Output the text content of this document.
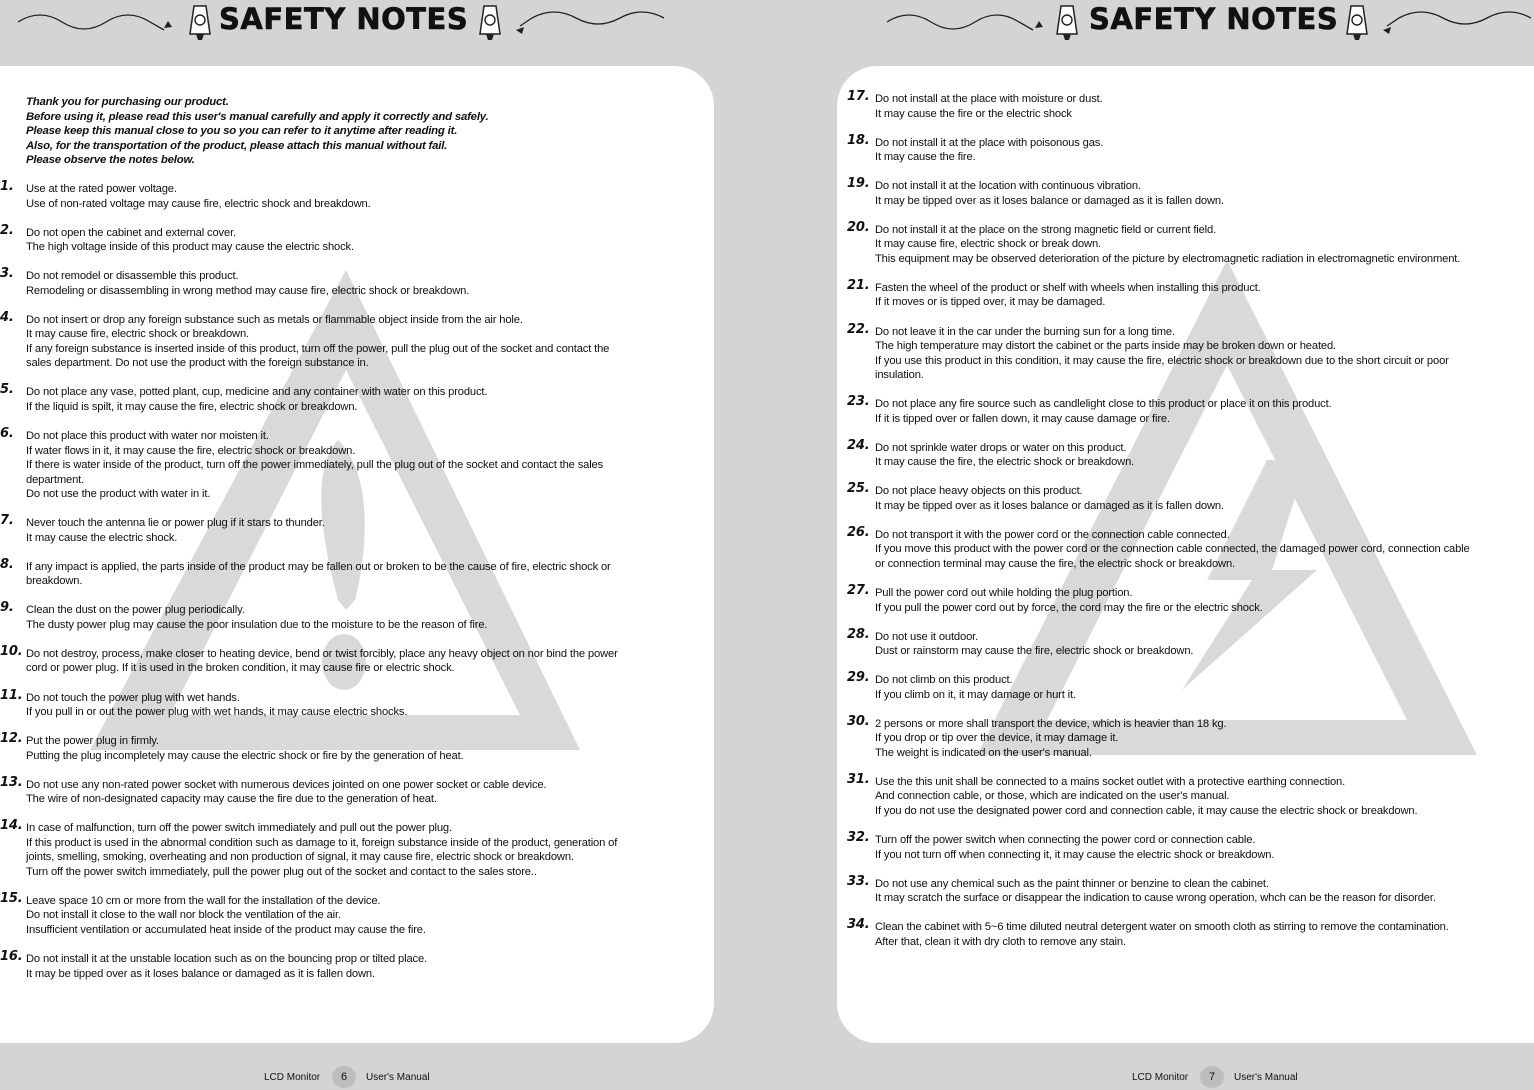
SAFETY NOTES
Thank you for purchasing our product.
Before using it, please read this user's manual carefully and apply it correctly and safely.
Please keep this manual close to you so you can refer to it anytime after reading it.
Also, for the transportation of the product, please attach this manual without fail.
Please observe the notes below.
1. Use at the rated power voltage.
Use of non-rated voltage may cause fire, electric shock and breakdown.
2. Do not open the cabinet and external cover.
The high voltage inside of this product may cause the electric shock.
3. Do not remodel or disassemble this product.
Remodeling or disassembling in wrong method may cause fire, electric shock or breakdown.
4. Do not insert or drop any foreign substance such as metals or flammable object inside from the air hole.
It may cause fire, electric shock or breakdown.
If any foreign substance is inserted inside of this product, turn off the power, pull the plug out of the socket and contact the
sales department. Do not use the product with the foreign substance in.
5. Do not place any vase, potted plant, cup, medicine and any container with water on this product.
If the liquid is spilt, it may cause the fire, electric shock or breakdown.
6. Do not place this product with water nor moisten it.
If water flows in it, it may cause the fire, electric shock or breakdown.
If there is water inside of the product, turn off the power immediately, pull the plug out of the socket and contact the sales
department.
Do not use the product with water in it.
7. Never touch the antenna lie or power plug if it stars to thunder.
It may cause the electric shock.
8. If any impact is applied, the parts inside of the product may be fallen out or broken to be the cause of fire, electric shock or
breakdown.
9. Clean the dust on the power plug periodically.
The dusty power plug may cause the poor insulation due to the moisture to be the reason of fire.
10. Do not destroy, process, make closer to heating device, bend or twist forcibly, place any heavy object on nor bind the power
cord or power plug. If it is used in the broken condition, it may cause fire or electric shock.
11. Do not touch the power plug with wet hands.
If you pull in or out the power plug with wet hands, it may cause electric shocks.
12. Put the power plug in firmly.
Putting the plug incompletely may cause the electric shock or fire by the generation of heat.
13. Do not use any non-rated power socket with numerous devices jointed on one power socket or cable device.
The wire of non-designated capacity may cause the fire due to the generation of heat.
14. In case of malfunction, turn off the power switch immediately and pull out the power plug.
If this product is used in the abnormal condition such as damage to it, foreign substance inside of the product, generation of
joints, smelling, smoking, overheating and non production of signal, it may cause fire, electric shock or breakdown.
Turn off the power switch immediately, pull the power plug out of the socket and contact to the sales store..
15. Leave space 10 cm or more from the wall for the installation of the device.
Do not install it close to the wall nor block the ventilation of the air.
Insufficient ventilation or accumulated heat inside of the product may cause the fire.
16. Do not install it at the unstable location such as on the bouncing prop or tilted place.
It may be tipped over as it loses balance or damaged as it is fallen down.
LCD Monitor	6	User's Manual
SAFETY NOTES
17. Do not install at the place with moisture or dust.
It may cause the fire or the electric shock
18. Do not install it at the place with poisonous gas.
It may cause the fire.
19. Do not install it at the location with continuous vibration.
It may be tipped over as it loses balance or damaged as it is fallen down.
20. Do not install it at the place on the strong magnetic field or current field.
It may cause fire, electric shock or break down.
This equipment may be observed deterioration of the picture by electromagnetic radiation in electromagnetic environment.
21. Fasten the wheel of the product or shelf with wheels when installing this product.
If it moves or is tipped over, it may be damaged.
22. Do not leave it in the car under the burning sun for a long time.
The high temperature may distort the cabinet or the parts inside may be broken down or heated.
If you use this product in this condition, it may cause the fire, electric shock or breakdown due to the short circuit or poor
insulation.
23. Do not place any fire source such as candlelight close to this product or place it on this product.
If it is tipped over or fallen down, it may cause damage or fire.
24. Do not sprinkle water drops or water on this product.
It may cause the fire, the electric shock or breakdown.
25. Do not place heavy objects on this product.
It may be tipped over as it loses balance or damaged as it is fallen down.
26. Do not transport it with the power cord or the connection cable connected.
If you move this product with the power cord or the connection cable connected, the damaged power cord, connection cable
or connection terminal may cause the fire, the electric shock or breakdown.
27. Pull the power cord out while holding the plug portion.
If you pull the power cord out by force, the cord may the fire or the electric shock.
28. Do not use it outdoor.
Dust or rainstorm may cause the fire, electric shock or breakdown.
29. Do not climb on this product.
If you climb on it, it may damage or hurt it.
30. 2 persons or more shall transport the device, which is heavier than 18 kg.
If you drop or tip over the device, it may damage it.
The weight is indicated on the user's manual.
31. Use the this unit shall be connected to a mains socket outlet with a protective earthing connection.
And connection cable, or those, which are indicated on the user's manual.
If you do not use the designated power cord and connection cable, it may cause the electric shock or breakdown.
32. Turn off the power switch when connecting the power cord or connection cable.
If you not turn off when connecting it, it may cause the electric shock or breakdown.
33. Do not use any chemical such as the paint thinner or benzine to clean the cabinet.
It may scratch the surface or disappear the indication to cause wrong operation, whch can be the reason for disorder.
34. Clean the cabinet with 5~6 time diluted neutral detergent water on smooth cloth as stirring to remove the contamination.
After that, clean it with dry cloth to remove any stain.
LCD Monitor	7	User's Manual
